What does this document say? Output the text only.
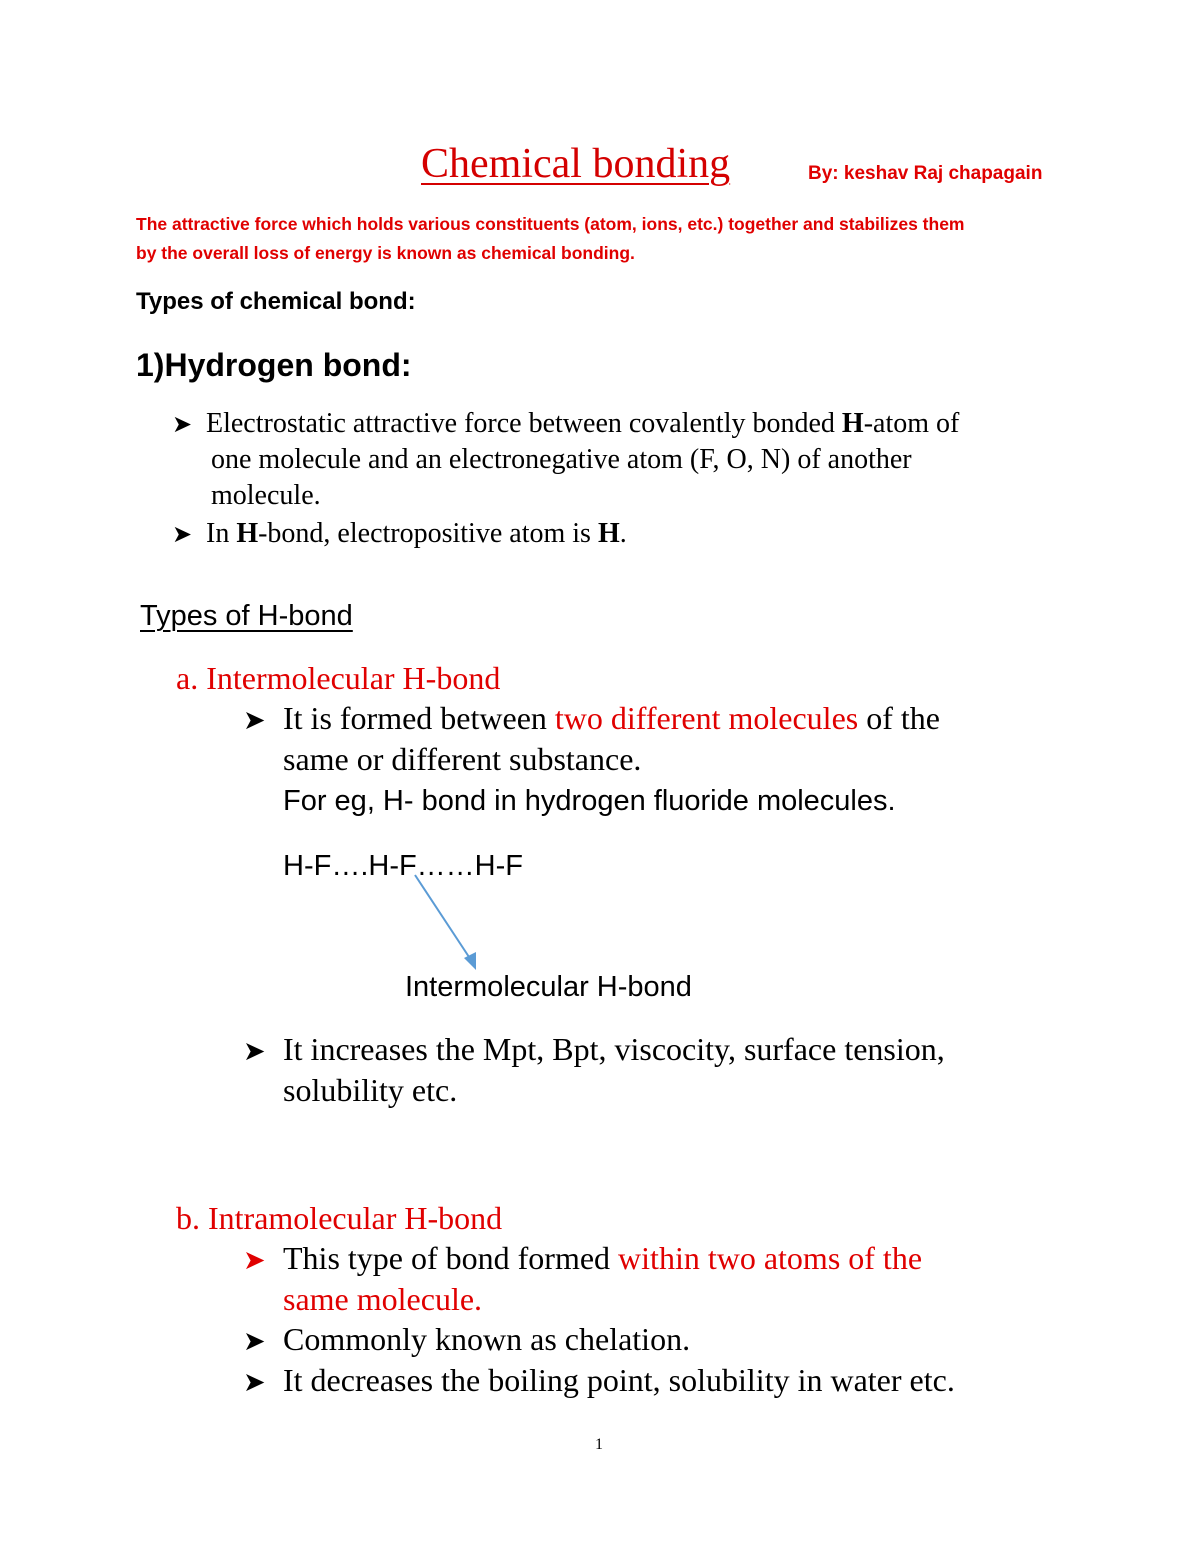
Chemical bonding	By: keshav Raj chapagain
The attractive force which holds various constituents (atom, ions, etc.) together and stabilizes them
by the overall loss of energy is known as chemical bonding.
Types of chemical bond:
1)Hydrogen bond:
➤ Electrostatic attractive force between covalently bonded H-atom of
one molecule and an electronegative atom (F, O, N) of another
molecule.
➤ In H-bond, electropositive atom is H.
Types of H-bond
a. Intermolecular H-bond
➤ It is formed between two different molecules of the
same or different substance.
For eg, H- bond in hydrogen fluoride molecules.
H-F….H-F……H-F
Intermolecular H-bond
➤ It increases the Mpt, Bpt, viscocity, surface tension,
solubility etc.
b. Intramolecular H-bond
➤ This type of bond formed within two atoms of the
same molecule.
➤ Commonly known as chelation.
➤ It decreases the boiling point, solubility in water etc.
1
